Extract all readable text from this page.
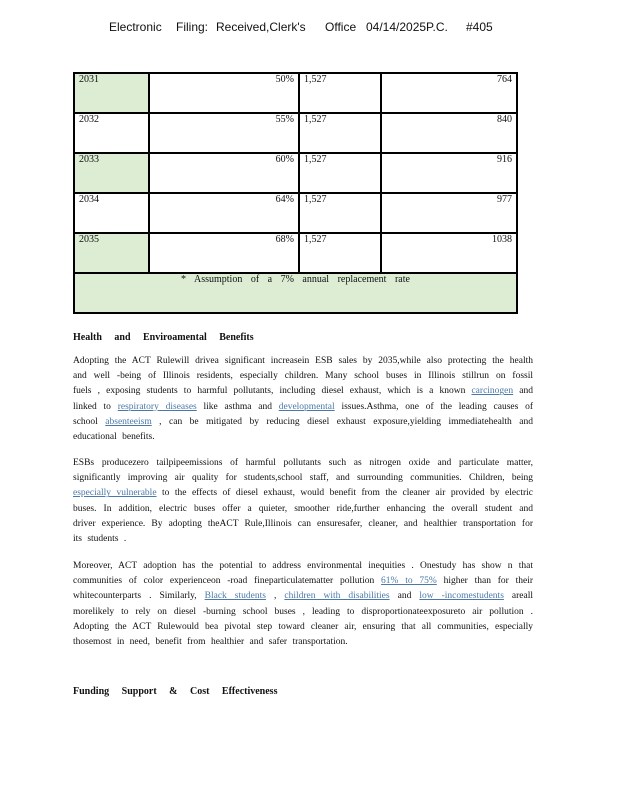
Electronic Filing: Received,Clerk's Office 04/14/2025P.C. #405
2031	50%	1,527	764
2032	55%	1,527	840
2033	60%	1,527	916
2034	64%	1,527	977
2035	68%	1,527	1038
* Assumption of a 7% annual replacement rate			
Health and Enviroamental Benefits
Adopting the ACT Rulewill drivea significant increasein ESB sales by 2035,while also protecting the health and well -being of Illinois residents, especially children. Many school buses in Illinois stillrun on fossil fuels , exposing students to harmful pollutants, including diesel exhaust, which is a known carcinogen and linked to respiratory diseases like asthma and developmental issues.Asthma, one of the leading causes of school absenteeism , can be mitigated by reducing diesel exhaust exposure,yielding immediatehealth and educational benefits.
ESBs producezero tailpipeemissions of harmful pollutants such as nitrogen oxide and particulate matter, significantly improving air quality for students,school staff, and surrounding communities. Children, being especially vulnerable to the effects of diesel exhaust, would benefit from the cleaner air provided by electric buses. In addition, electric buses offer a quieter, smoother ride,further enhancing the overall student and driver experience. By adopting theACT Rule,Illinois can ensuresafer, cleaner, and healthier transportation for its students .
Moreover, ACT adoption has the potential to address environmental inequities . Onestudy has show n that communities of color experienceon -road fineparticulatematter pollution 61% to 75% higher than for their whitecounterparts . Similarly, Black students , children with disabilities and low -incomestudents areall morelikely to rely on diesel -burning school buses , leading to disproportionateexposureto air pollution . Adopting the ACT Rulewould bea pivotal step toward cleaner air, ensuring that all communities, especially thosemost in need, benefit from healthier and safer transportation.
Funding Support & Cost Effectiveness
